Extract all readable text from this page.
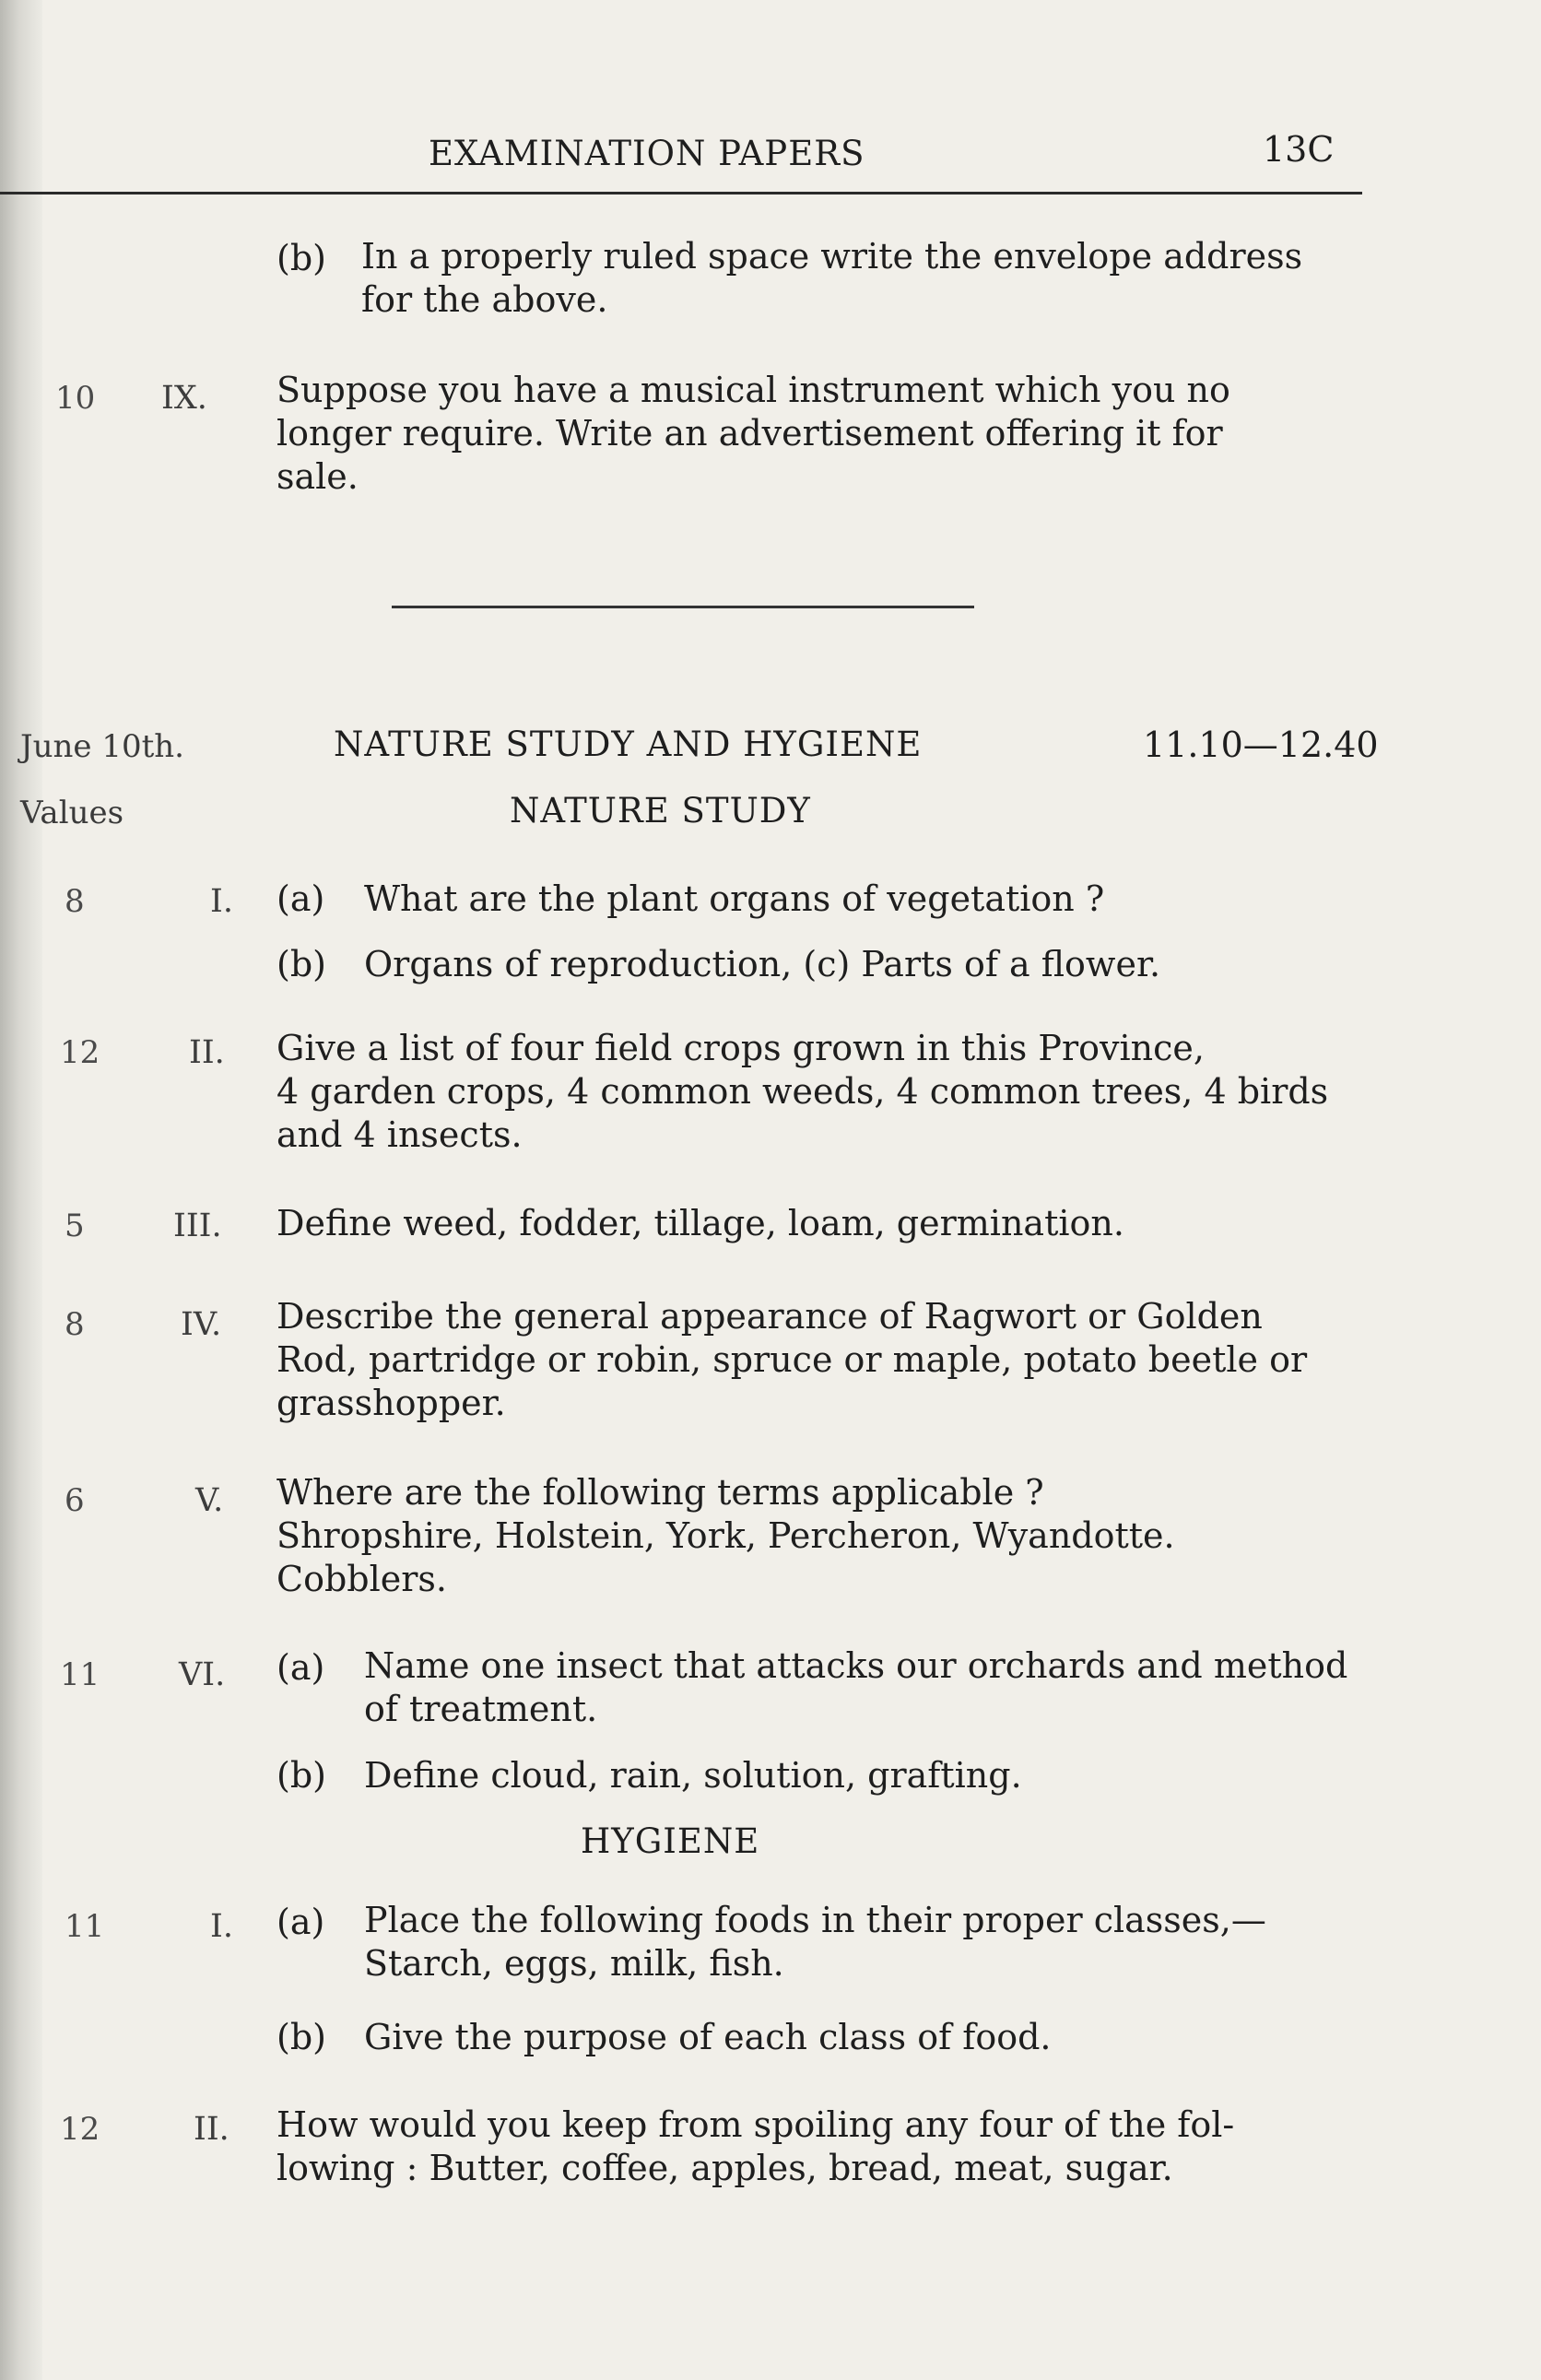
EXAMINATION PAPERS	13C
(b) In a properly ruled space write the envelope address
for the above.
10 IX. Suppose you have a musical instrument which you no
longer require. Write an advertisement offering it for
sale.
June 10th.	NATURE STUDY AND HYGIENE	11.10—12.40
Values	NATURE STUDY
8	I. (a) What are the plant organs of vegetation ?
(b) Organs of reproduction, (c) Parts of a flower.
12	II. Give a list of four field crops grown in this Province,
4 garden crops, 4 common weeds, 4 common trees, 4 birds
and 4 insects.
5	III. Define weed, fodder, tillage, loam, germination.
8	IV. Describe the general appearance of Ragwort or Golden
Rod, partridge or robin, spruce or maple, potato beetle or
grasshopper.
6	V. Where are the following terms applicable ?
Shropshire, Holstein, York, Percheron, Wyandotte.
Cobblers.
11 VI. (a) Name one insect that attacks our orchards and method
of treatment.
(b) Define cloud, rain, solution, grafting.
HYGIENE
11	I. (a) Place the following foods in their proper classes,—
Starch, eggs, milk, fish.
(b) Give the purpose of each class of food.
12	II. How would you keep from spoiling any four of the fol-
lowing : Butter, coffee, apples, bread, meat, sugar.
